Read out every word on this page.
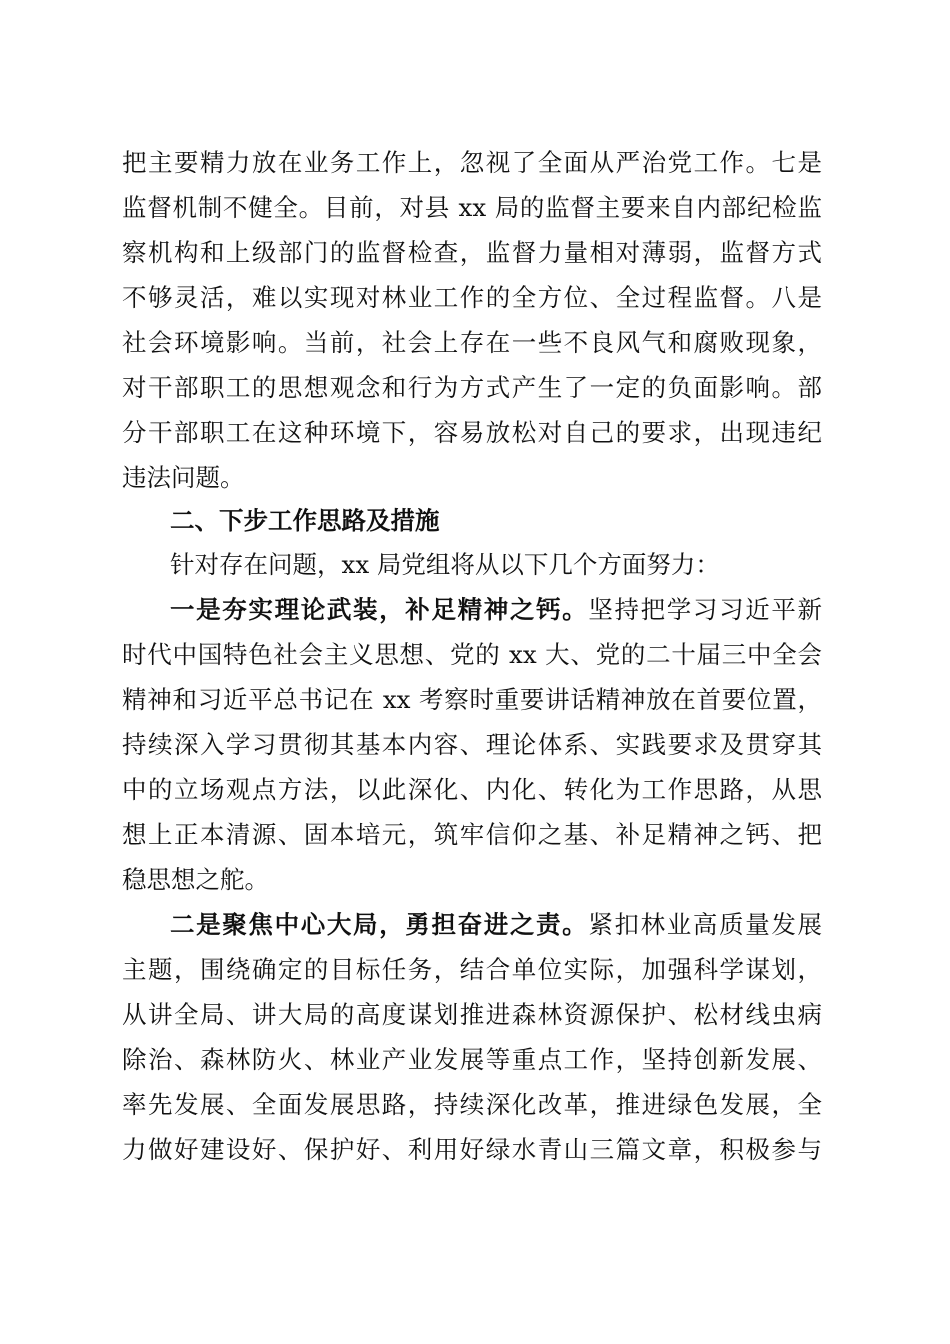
把主要精力放在业务工作上，忽视了全面从严治党工作。七是
监督机制不健全。目前，对县 xx 局的监督主要来自内部纪检监
察机构和上级部门的监督检查，监督力量相对薄弱，监督方式
不够灵活，难以实现对林业工作的全方位、全过程监督。八是
社会环境影响。当前，社会上存在一些不良风气和腐败现象，
对干部职工的思想观念和行为方式产生了一定的负面影响。部
分干部职工在这种环境下，容易放松对自己的要求，出现违纪
违法问题。
二、下步工作思路及措施
针对存在问题，xx 局党组将从以下几个方面努力：
一是夯实理论武装，补足精神之钙。坚持把学习习近平新
时代中国特色社会主义思想、党的 xx 大、党的二十届三中全会
精神和习近平总书记在 xx 考察时重要讲话精神放在首要位置，
持续深入学习贯彻其基本内容、理论体系、实践要求及贯穿其
中的立场观点方法，以此深化、内化、转化为工作思路，从思
想上正本清源、固本培元，筑牢信仰之基、补足精神之钙、把
稳思想之舵。
二是聚焦中心大局，勇担奋进之责。紧扣林业高质量发展
主题，围绕确定的目标任务，结合单位实际，加强科学谋划，
从讲全局、讲大局的高度谋划推进森林资源保护、松材线虫病
除治、森林防火、林业产业发展等重点工作，坚持创新发展、
率先发展、全面发展思路，持续深化改革，推进绿色发展，全
力做好建设好、保护好、利用好绿水青山三篇文章，积极参与
